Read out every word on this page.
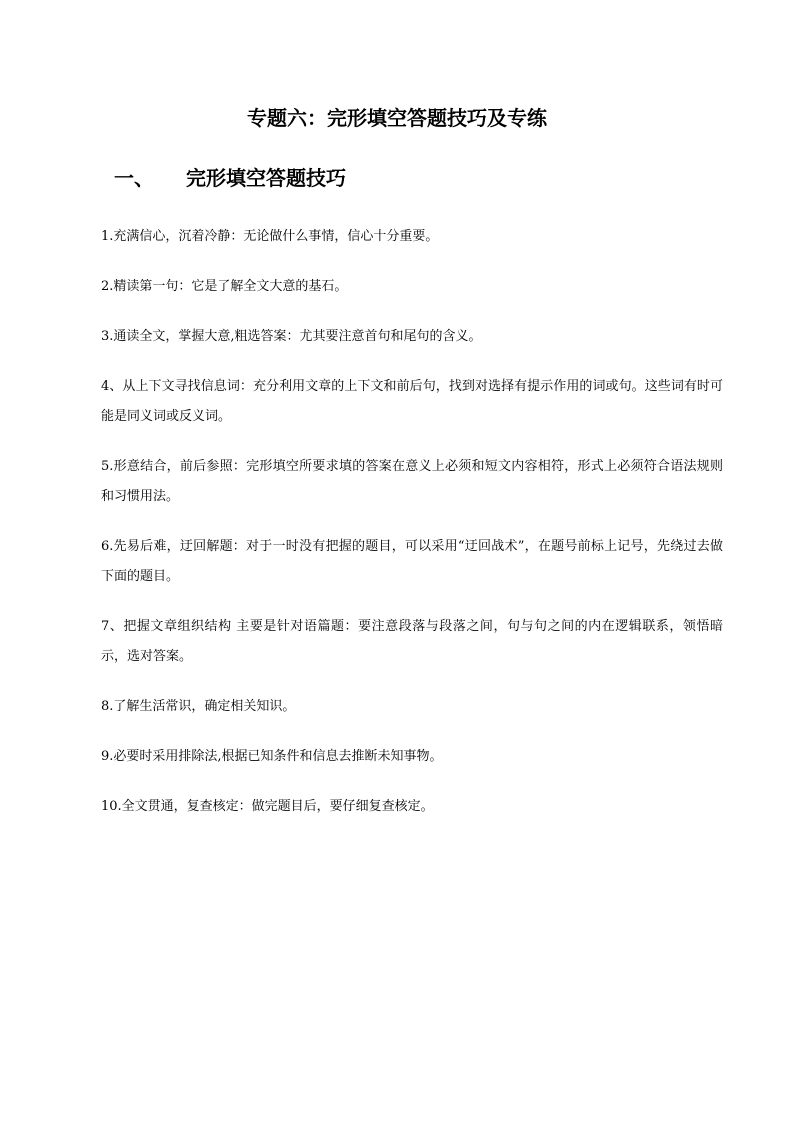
专题六：完形填空答题技巧及专练
一、 完形填空答题技巧
1.充满信心，沉着冷静：无论做什么事情，信心十分重要。
2.精读第一句：它是了解全文大意的基石。
3.通读全文，掌握大意,粗选答案：尤其要注意首句和尾句的含义。
4、从上下文寻找信息词：充分利用文章的上下文和前后句，找到对选择有提示作用的词或句。这些词有时可能是同义词或反义词。
5.形意结合，前后参照：完形填空所要求填的答案在意义上必须和短文内容相符，形式上必须符合语法规则和习惯用法。
6.先易后难，迂回解题：对于一时没有把握的题目，可以采用“迂回战术”，在题号前标上记号，先绕过去做下面的题目。
7、把握文章组织结构 主要是针对语篇题：要注意段落与段落之间，句与句之间的内在逻辑联系，领悟暗示，选对答案。
8.了解生活常识，确定相关知识。
9.必要时采用排除法,根据已知条件和信息去推断未知事物。
10.全文贯通，复查核定：做完题目后，要仔细复查核定。
